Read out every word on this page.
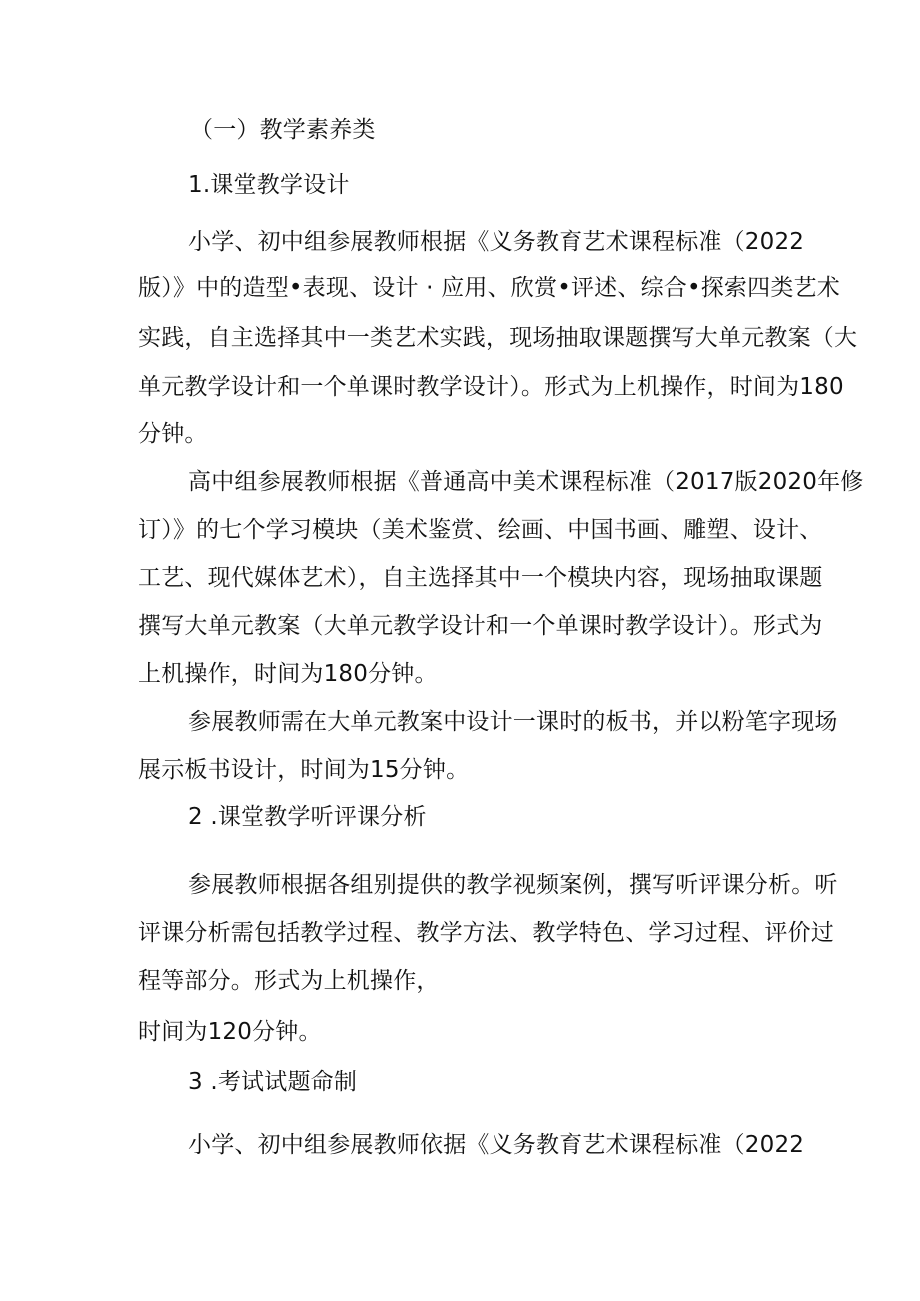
（一）教学素养类
1.课堂教学设计
小学、初中组参展教师根据《义务教育艺术课程标准（2022
版）》中的造型•表现、设计 · 应用、欣赏•评述、综合•探索四类艺术
实践，自主选择其中一类艺术实践，现场抽取课题撰写大单元教案（大
单元教学设计和一个单课时教学设计）。形式为上机操作，时间为180
分钟。
高中组参展教师根据《普通高中美术课程标准（2017版2020年修
订）》的七个学习模块（美术鉴赏、绘画、中国书画、雕塑、设计、
工艺、现代媒体艺术），自主选择其中一个模块内容，现场抽取课题
撰写大单元教案（大单元教学设计和一个单课时教学设计）。形式为
上机操作，时间为180分钟。
参展教师需在大单元教案中设计一课时的板书，并以粉笔字现场
展示板书设计，时间为15分钟。
2 .课堂教学听评课分析
参展教师根据各组别提供的教学视频案例，撰写听评课分析。听
评课分析需包括教学过程、教学方法、教学特色、学习过程、评价过
程等部分。形式为上机操作，
时间为120分钟。
3 .考试试题命制
小学、初中组参展教师依据《义务教育艺术课程标准（2022
